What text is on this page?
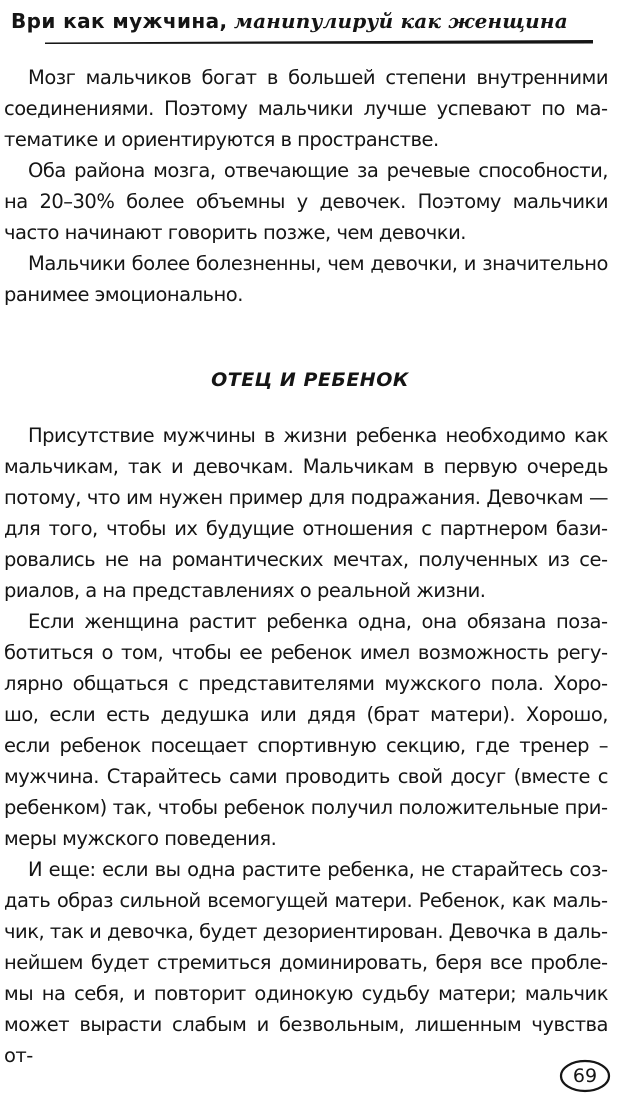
Ври как мужчина, манипулируй как женщина

Мозг мальчиков богат в большей степени внутренними соединениями. Поэтому мальчики лучше успевают по математике и ориентируются в пространстве.

Оба района мозга, отвечающие за речевые способности, на 20–30% более объемны у девочек. Поэтому мальчики часто начинают говорить позже, чем девочки.

Мальчики более болезненны, чем девочки, и значительно ранимее эмоционально.

ОТЕЦ И РЕБЕНОК

Присутствие мужчины в жизни ребенка необходимо как мальчикам, так и девочкам. Мальчикам в первую очередь потому, что им нужен пример для подражания. Девочкам — для того, чтобы их будущие отношения с партнером базировались не на романтических мечтах, полученных из сериалов, а на представлениях о реальной жизни.

Если женщина растит ребенка одна, она обязана позаботиться о том, чтобы ее ребенок имел возможность регулярно общаться с представителями мужского пола. Хорошо, если есть дедушка или дядя (брат матери). Хорошо, если ребенок посещает спортивную секцию, где тренер – мужчина. Старайтесь сами проводить свой досуг (вместе с ребенком) так, чтобы ребенок получил положительные примеры мужского поведения.

И еще: если вы одна растите ребенка, не старайтесь создать образ сильной всемогущей матери. Ребенок, как мальчик, так и девочка, будет дезориентирован. Девочка в дальнейшем будет стремиться доминировать, беря все проблемы на себя, и повторит одинокую судьбу матери; мальчик может вырасти слабым и безвольным, лишенным чувства от-

69
